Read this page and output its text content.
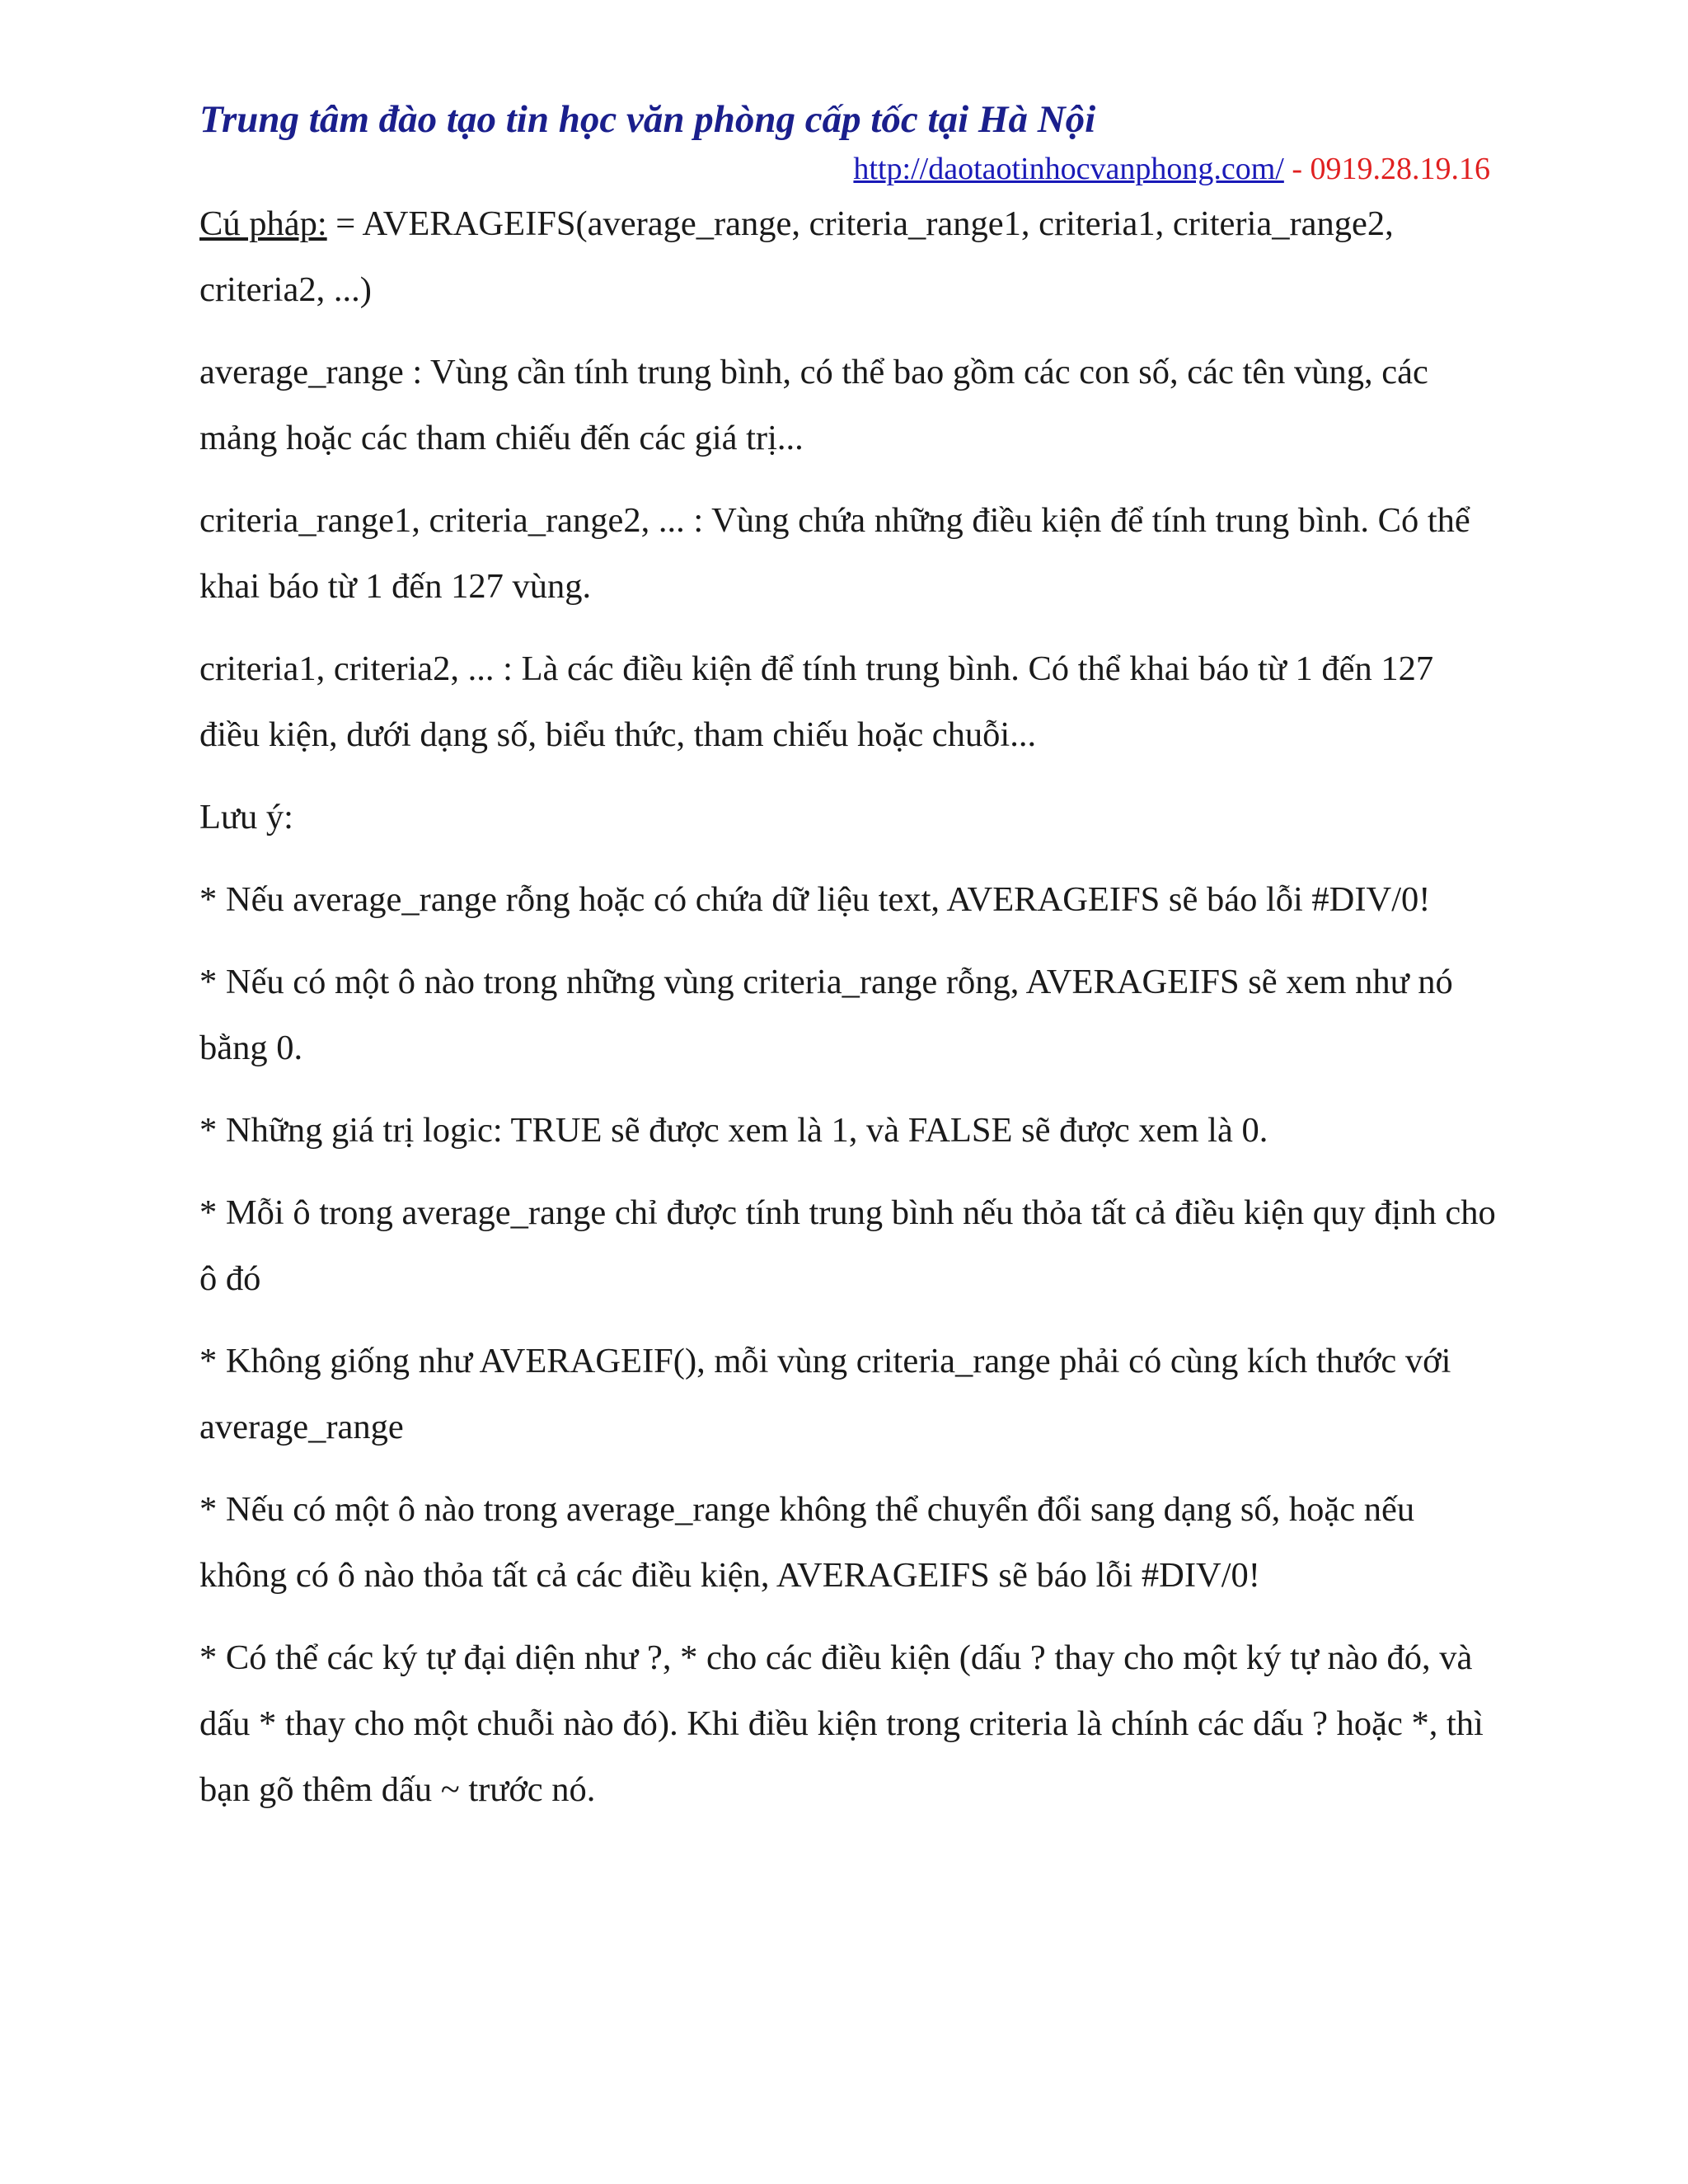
Trung tâm đào tạo tin học văn phòng cấp tốc tại Hà Nội
http://daotaotinhocvanphong.com/ - 0919.28.19.16

Cú pháp: = AVERAGEIFS(average_range, criteria_range1, criteria1, criteria_range2, criteria2, ...)

average_range : Vùng cần tính trung bình, có thể bao gồm các con số, các tên vùng, các mảng hoặc các tham chiếu đến các giá trị...

criteria_range1, criteria_range2, ... : Vùng chứa những điều kiện để tính trung bình. Có thể khai báo từ 1 đến 127 vùng.

criteria1, criteria2, ... : Là các điều kiện để tính trung bình. Có thể khai báo từ 1 đến 127 điều kiện, dưới dạng số, biểu thức, tham chiếu hoặc chuỗi...

Lưu ý:

* Nếu average_range rỗng hoặc có chứa dữ liệu text, AVERAGEIFS sẽ báo lỗi #DIV/0!

* Nếu có một ô nào trong những vùng criteria_range rỗng, AVERAGEIFS sẽ xem như nó bằng 0.

* Những giá trị logic: TRUE sẽ được xem là 1, và FALSE sẽ được xem là 0.

* Mỗi ô trong average_range chỉ được tính trung bình nếu thỏa tất cả điều kiện quy định cho ô đó

* Không giống như AVERAGEIF(), mỗi vùng criteria_range phải có cùng kích thước với average_range

* Nếu có một ô nào trong average_range không thể chuyển đổi sang dạng số, hoặc nếu không có ô nào thỏa tất cả các điều kiện, AVERAGEIFS sẽ báo lỗi #DIV/0!

* Có thể các ký tự đại diện như ?, * cho các điều kiện (dấu ? thay cho một ký tự nào đó, và dấu * thay cho một chuỗi nào đó). Khi điều kiện trong criteria là chính các dấu ? hoặc *, thì bạn gõ thêm dấu ~ trước nó.
